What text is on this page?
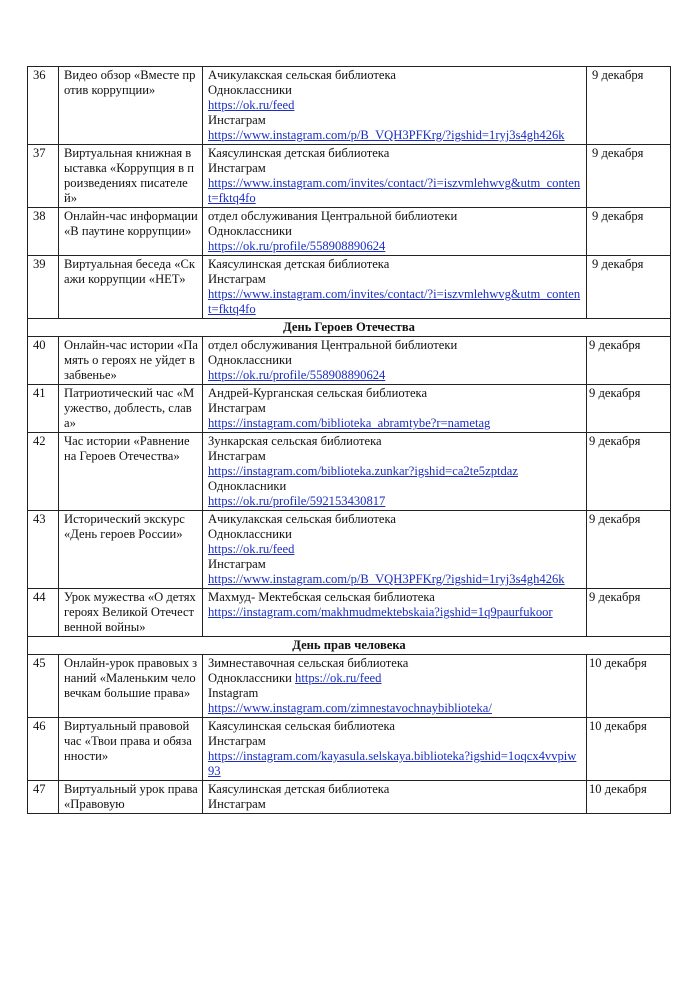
36	Видео обзор «Вместе против коррупции»	Ачикулакская сельская библиотека
Одноклассники
https://ok.ru/feed
Инстаграм
https://www.instagram.com/p/B_VQH3PFKrg/?igshid=1ryj3s4gh426k	9 декабря
37	Виртуальная книжная выставка «Коррупция в произведениях писателей»	Каясулинская детская библиотека
Инстаграм
https://www.instagram.com/invites/contact/?i=iszvmlehwvg&utm_content=fktq4fo	9 декабря
38	Онлайн-час информации «В паутине коррупции»	отдел обслуживания Центральной библиотеки
Одноклассники
https://ok.ru/profile/558908890624	9 декабря
39	Виртуальная беседа «Скажи коррупции «НЕТ»	Каясулинская детская библиотека
Инстаграм
https://www.instagram.com/invites/contact/?i=iszvmlehwvg&utm_content=fktq4fo	9 декабря
День Героев Отечества			
40	Онлайн-час истории «Память о героях не уйдет в забвенье»	отдел обслуживания Центральной библиотеки
Одноклассники
https://ok.ru/profile/558908890624	9 декабря
41	Патриотический час «Мужество, доблесть, слава»	Андрей-Курганская сельская библиотека
Инстаграм
https://instagram.com/biblioteka_abramtybe?r=nametag	9 декабря
42	Час истории «Равнение на Героев Отечества»	Зункарская сельская библиотека
Инстаграм
https://instagram.com/biblioteka.zunkar?igshid=ca2te5zptdaz
Однокласники
https://ok.ru/profile/592153430817	9 декабря
43	Исторический экскурс «День героев России»	Ачикулакская сельская библиотека
Одноклассники
https://ok.ru/feed
Инстаграм
https://www.instagram.com/p/B_VQH3PFKrg/?igshid=1ryj3s4gh426k	9 декабря
44	Урок мужества «О детях героях Великой Отечественной войны»	Махмуд- Мектебская сельская библиотека
https://instagram.com/makhmudmektebskaia?igshid=1q9paurfukoor	9 декабря
День прав человека			
45	Онлайн-урок правовых знаний «Маленьким человечкам большие права»	Зимнеставочная сельская библиотека
Одноклассники https://ok.ru/feed
Instagram
https://www.instagram.com/zimnestavochnaybiblioteka/	10 декабря
46	Виртуальный правовой час «Твои права и обязанности»	Каясулинская сельская библиотека
Инстаграм
https://instagram.com/kayasula.selskaya.biblioteka?igshid=1oqcx4vvpiw93	10 декабря
47	Виртуальный урок права «Правовую	Каясулинская детская библиотека
Инстаграм	10 декабря
